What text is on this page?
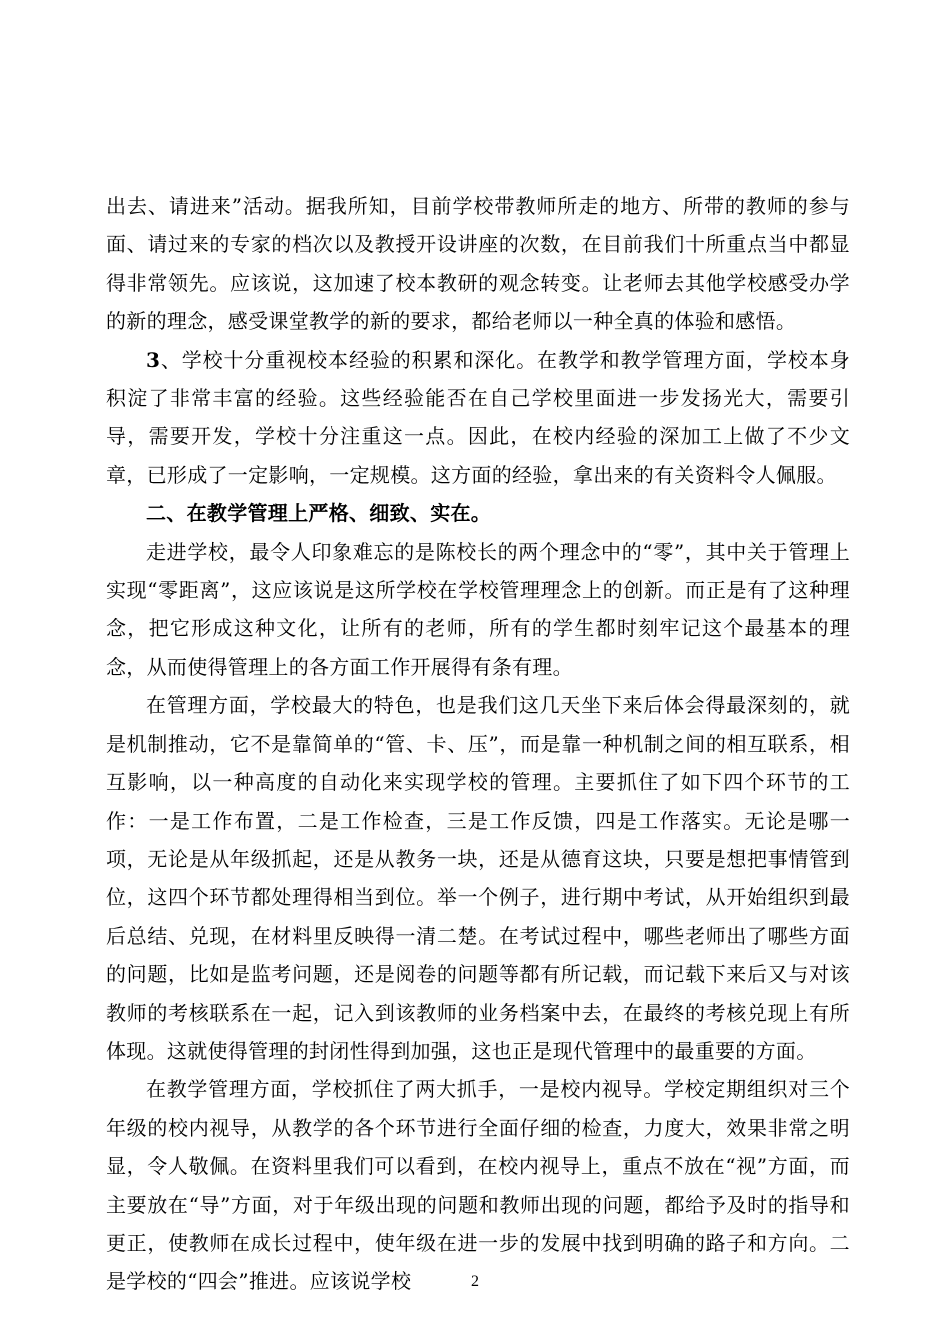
出去、请进来”活动。据我所知，目前学校带教师所走的地方、所带的教师的参与面、请过来的专家的档次以及教授开设讲座的次数，在目前我们十所重点当中都显得非常领先。应该说，这加速了校本教研的观念转变。让老师去其他学校感受办学的新的理念，感受课堂教学的新的要求，都给老师以一种全真的体验和感悟。

3、学校十分重视校本经验的积累和深化。在教学和教学管理方面，学校本身积淀了非常丰富的经验。这些经验能否在自己学校里面进一步发扬光大，需要引导，需要开发，学校十分注重这一点。因此，在校内经验的深加工上做了不少文章，已形成了一定影响，一定规模。这方面的经验，拿出来的有关资料令人佩服。

二、在教学管理上严格、细致、实在。

走进学校，最令人印象难忘的是陈校长的两个理念中的“零”，其中关于管理上实现“零距离”，这应该说是这所学校在学校管理理念上的创新。而正是有了这种理念，把它形成这种文化，让所有的老师，所有的学生都时刻牢记这个最基本的理念，从而使得管理上的各方面工作开展得有条有理。

在管理方面，学校最大的特色，也是我们这几天坐下来后体会得最深刻的，就是机制推动，它不是靠简单的“管、卡、压”，而是靠一种机制之间的相互联系，相互影响，以一种高度的自动化来实现学校的管理。主要抓住了如下四个环节的工作：一是工作布置，二是工作检查，三是工作反馈，四是工作落实。无论是哪一项，无论是从年级抓起，还是从教务一块，还是从德育这块，只要是想把事情管到位，这四个环节都处理得相当到位。举一个例子，进行期中考试，从开始组织到最后总结、兑现，在材料里反映得一清二楚。在考试过程中，哪些老师出了哪些方面的问题，比如是监考问题，还是阅卷的问题等都有所记载，而记载下来后又与对该教师的考核联系在一起，记入到该教师的业务档案中去，在最终的考核兑现上有所体现。这就使得管理的封闭性得到加强，这也正是现代管理中的最重要的方面。

在教学管理方面，学校抓住了两大抓手，一是校内视导。学校定期组织对三个年级的校内视导，从教学的各个环节进行全面仔细的检查，力度大，效果非常之明显，令人敬佩。在资料里我们可以看到，在校内视导上，重点不放在“视”方面，而主要放在“导”方面，对于年级出现的问题和教师出现的问题，都给予及时的指导和更正，使教师在成长过程中，使年级在进一步的发展中找到明确的路子和方向。二是学校的“四会”推进。应该说学校	2
